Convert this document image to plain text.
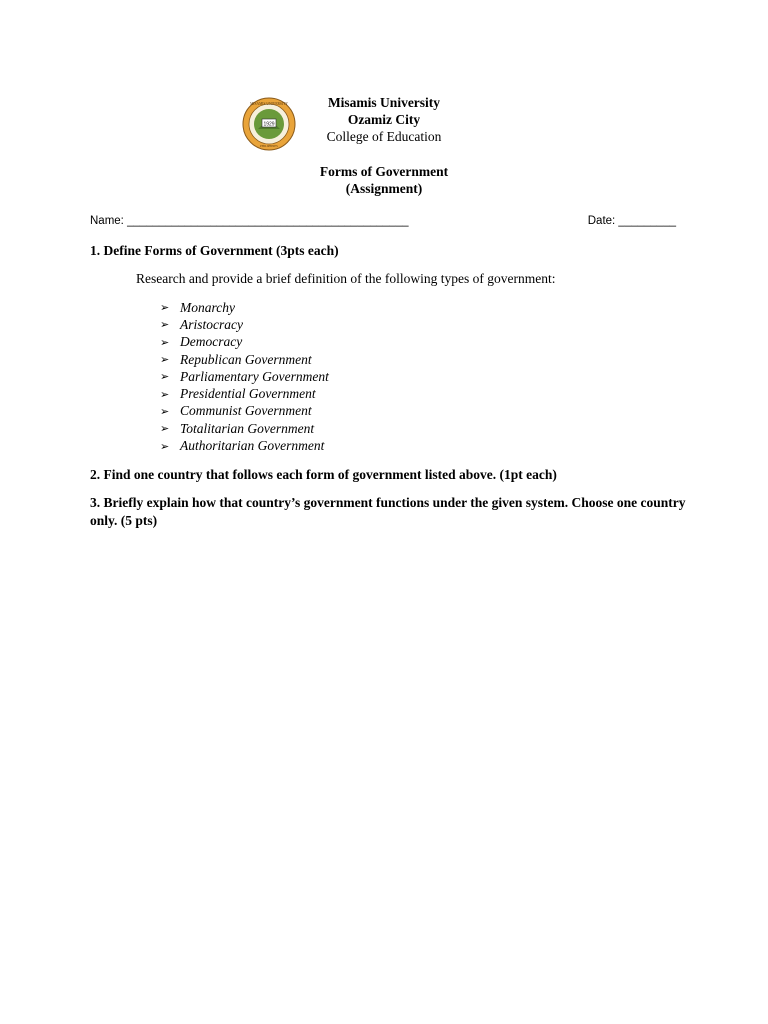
1929
MISAMIS UNIVERSITY
PHILIPPINES
Misamis University
Ozamiz City
College of Education
Forms of Government
(Assignment)
Name: ____________________________________________	Date: _________
1. Define Forms of Government (3pts each)
Research and provide a brief definition of the following types of government:
➢ Monarchy
➢ Aristocracy
➢ Democracy
➢ Republican Government
➢ Parliamentary Government
➢ Presidential Government
➢ Communist Government
➢ Totalitarian Government
➢ Authoritarian Government
2. Find one country that follows each form of government listed above. (1pt each)
3. Briefly explain how that country’s government functions under the given system. Choose one country only. (5 pts)
